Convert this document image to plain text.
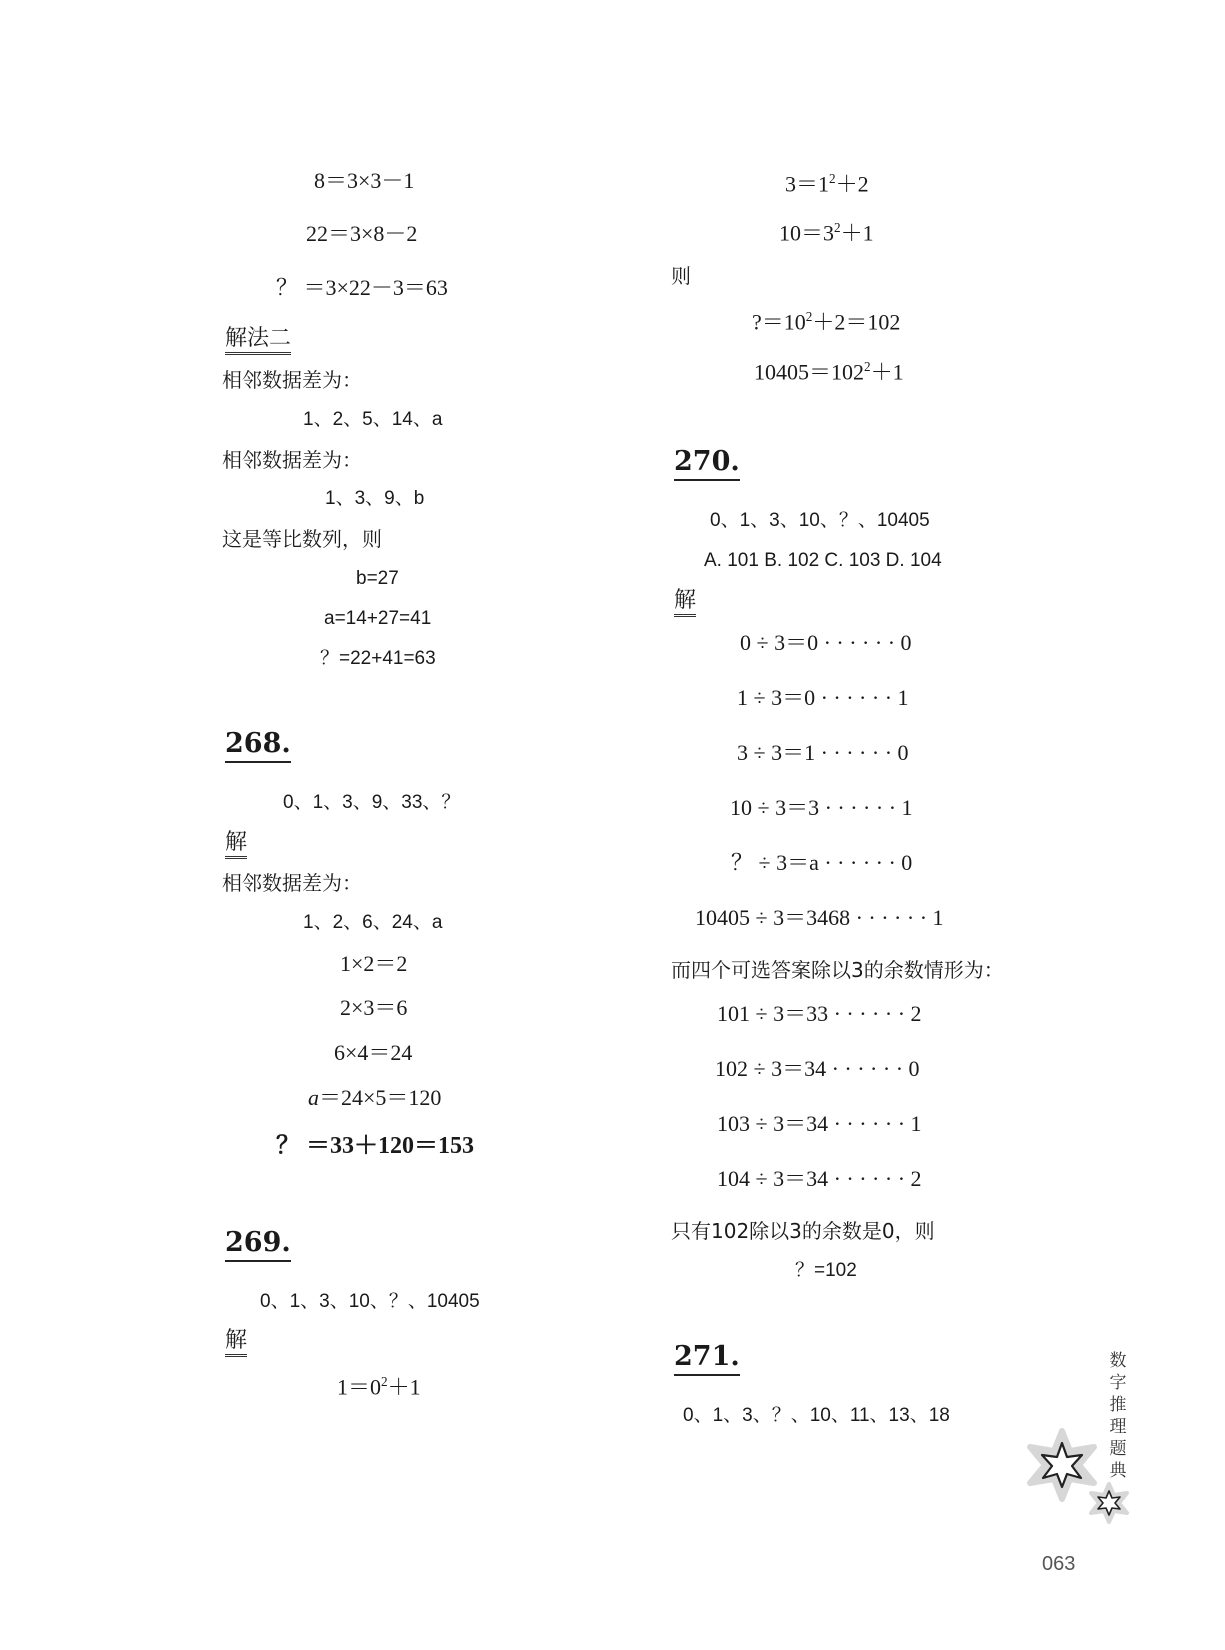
8＝3×3－1
22＝3×8－2
？ ＝3×22－3＝63
解法二
相邻数据差为：
1、2、5、14、a
相邻数据差为：
1、3、9、b
这是等比数列，则
b=27
a=14+27=41
？=22+41=63
268.
0、1、3、9、33、？
解
相邻数据差为：
1、2、6、24、a
1×2＝2
2×3＝6
6×4＝24
a＝24×5＝120
？ ＝33＋120＝153
269.
0、1、3、10、？、10405
解
$1=0^2+1$
$3=1^2+2$
$10=3^2+1$
则
$?=10^2+2=102$
$10405=102^2+1$
270.
0、1、3、10、？、10405
A. 101 B. 102 C. 103 D. 104
解
0 ÷ 3＝0 · · · · · · 0
1 ÷ 3＝0 · · · · · · 1
3 ÷ 3＝1 · · · · · · 0
10 ÷ 3＝3 · · · · · · 1
？ ÷ 3＝a · · · · · · 0
10405 ÷ 3＝3468 · · · · · · 1
而四个可选答案除以3的余数情形为：
101 ÷ 3＝33 · · · · · · 2
102 ÷ 3＝34 · · · · · · 0
103 ÷ 3＝34 · · · · · · 1
104 ÷ 3＝34 · · · · · · 2
只有102除以3的余数是0，则
？=102
271.
0、1、3、？、10、11、13、18
数
字
推
理
题
典
063
